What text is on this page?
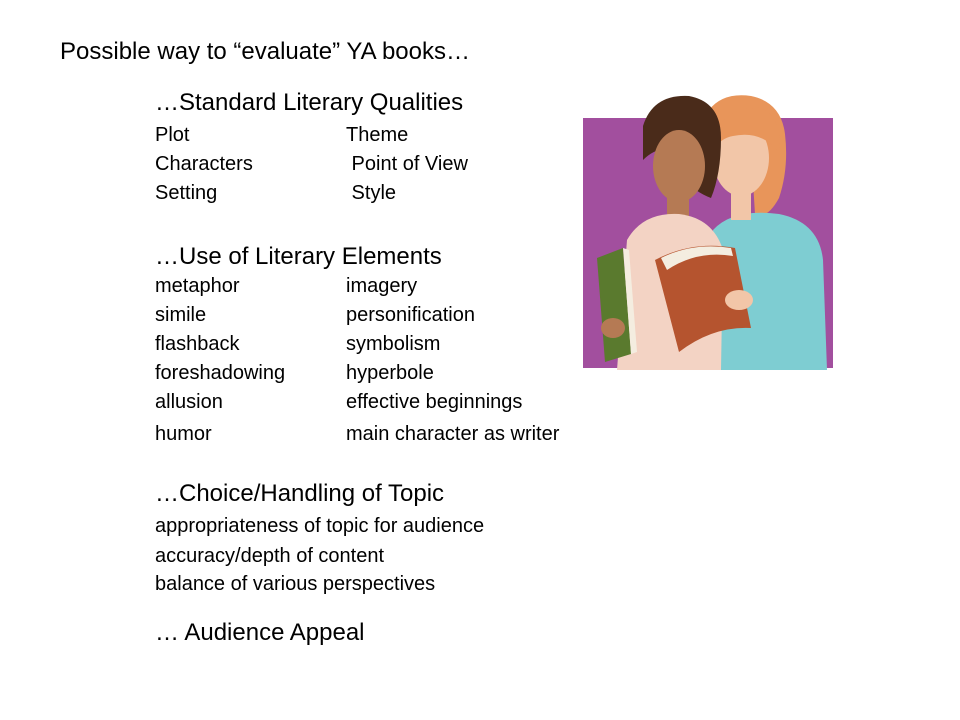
Possible way to “evaluate” YA books…
…Standard Literary Qualities
Plot	Theme
Characters	Point of View
Setting	Style
…Use of Literary Elements
metaphor	imagery
simile	personification
flashback	symbolism
foreshadowing	hyperbole
allusion	effective beginnings
humor	main character as writer
…Choice/Handling of Topic
appropriateness of topic for audience
accuracy/depth of content
balance of various perspectives
… Audience Appeal
